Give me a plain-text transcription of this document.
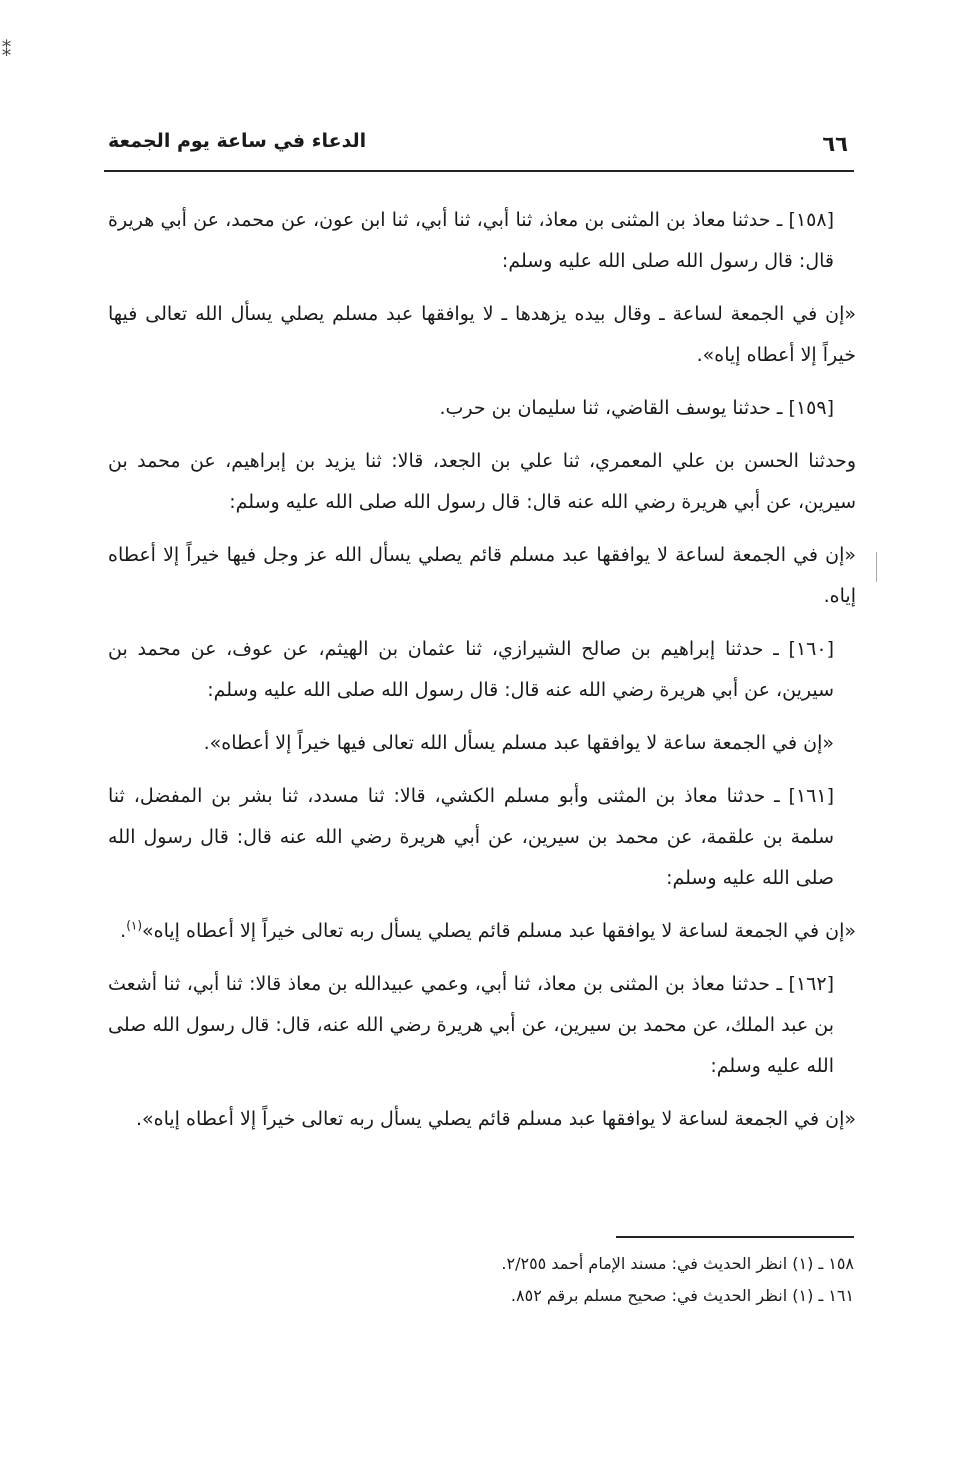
⁑
٦٦
الدعاء في ساعة يوم الجمعة

[١٥٨] ـ حدثنا معاذ بن المثنى بن معاذ، ثنا أبي، ثنا أبي، ثنا ابن عون، عن محمد، عن أبي هريرة قال: قال رسول الله صلى الله عليه وسلم:

«إن في الجمعة لساعة ـ وقال بيده يزهدها ـ لا يوافقها عبد مسلم يصلي يسأل الله تعالى فيها خيراً إلا أعطاه إياه».

[١٥٩] ـ حدثنا يوسف القاضي، ثنا سليمان بن حرب.

وحدثنا الحسن بن علي المعمري، ثنا علي بن الجعد، قالا: ثنا يزيد بن إبراهيم، عن محمد بن سيرين، عن أبي هريرة رضي الله عنه قال: قال رسول الله صلى الله عليه وسلم:

«إن في الجمعة لساعة لا يوافقها عبد مسلم قائم يصلي يسأل الله عز وجل فيها خيراً إلا أعطاه إياه.

[١٦٠] ـ حدثنا إبراهيم بن صالح الشيرازي، ثنا عثمان بن الهيثم، عن عوف، عن محمد بن سيرين، عن أبي هريرة رضي الله عنه قال: قال رسول الله صلى الله عليه وسلم:

«إن في الجمعة ساعة لا يوافقها عبد مسلم يسأل الله تعالى فيها خيراً إلا أعطاه».

[١٦١] ـ حدثنا معاذ بن المثنى وأبو مسلم الكشي، قالا: ثنا مسدد، ثنا بشر بن المفضل، ثنا سلمة بن علقمة، عن محمد بن سيرين، عن أبي هريرة رضي الله عنه قال: قال رسول الله صلى الله عليه وسلم:

«إن في الجمعة لساعة لا يوافقها عبد مسلم قائم يصلي يسأل ربه تعالى خيراً إلا أعطاه إياه»$^{(١)}$.

[١٦٢] ـ حدثنا معاذ بن المثنى بن معاذ، ثنا أبي، وعمي عبيدالله بن معاذ قالا: ثنا أبي، ثنا أشعث بن عبد الملك، عن محمد بن سيرين، عن أبي هريرة رضي الله عنه، قال: قال رسول الله صلى الله عليه وسلم:

«إن في الجمعة لساعة لا يوافقها عبد مسلم قائم يصلي يسأل ربه تعالى خيراً إلا أعطاه إياه».

١٥٨ ـ (١) انظر الحديث في: مسند الإمام أحمد ٢/٢٥٥.
١٦١ ـ (١) انظر الحديث في: صحيح مسلم برقم ٨٥٢.
